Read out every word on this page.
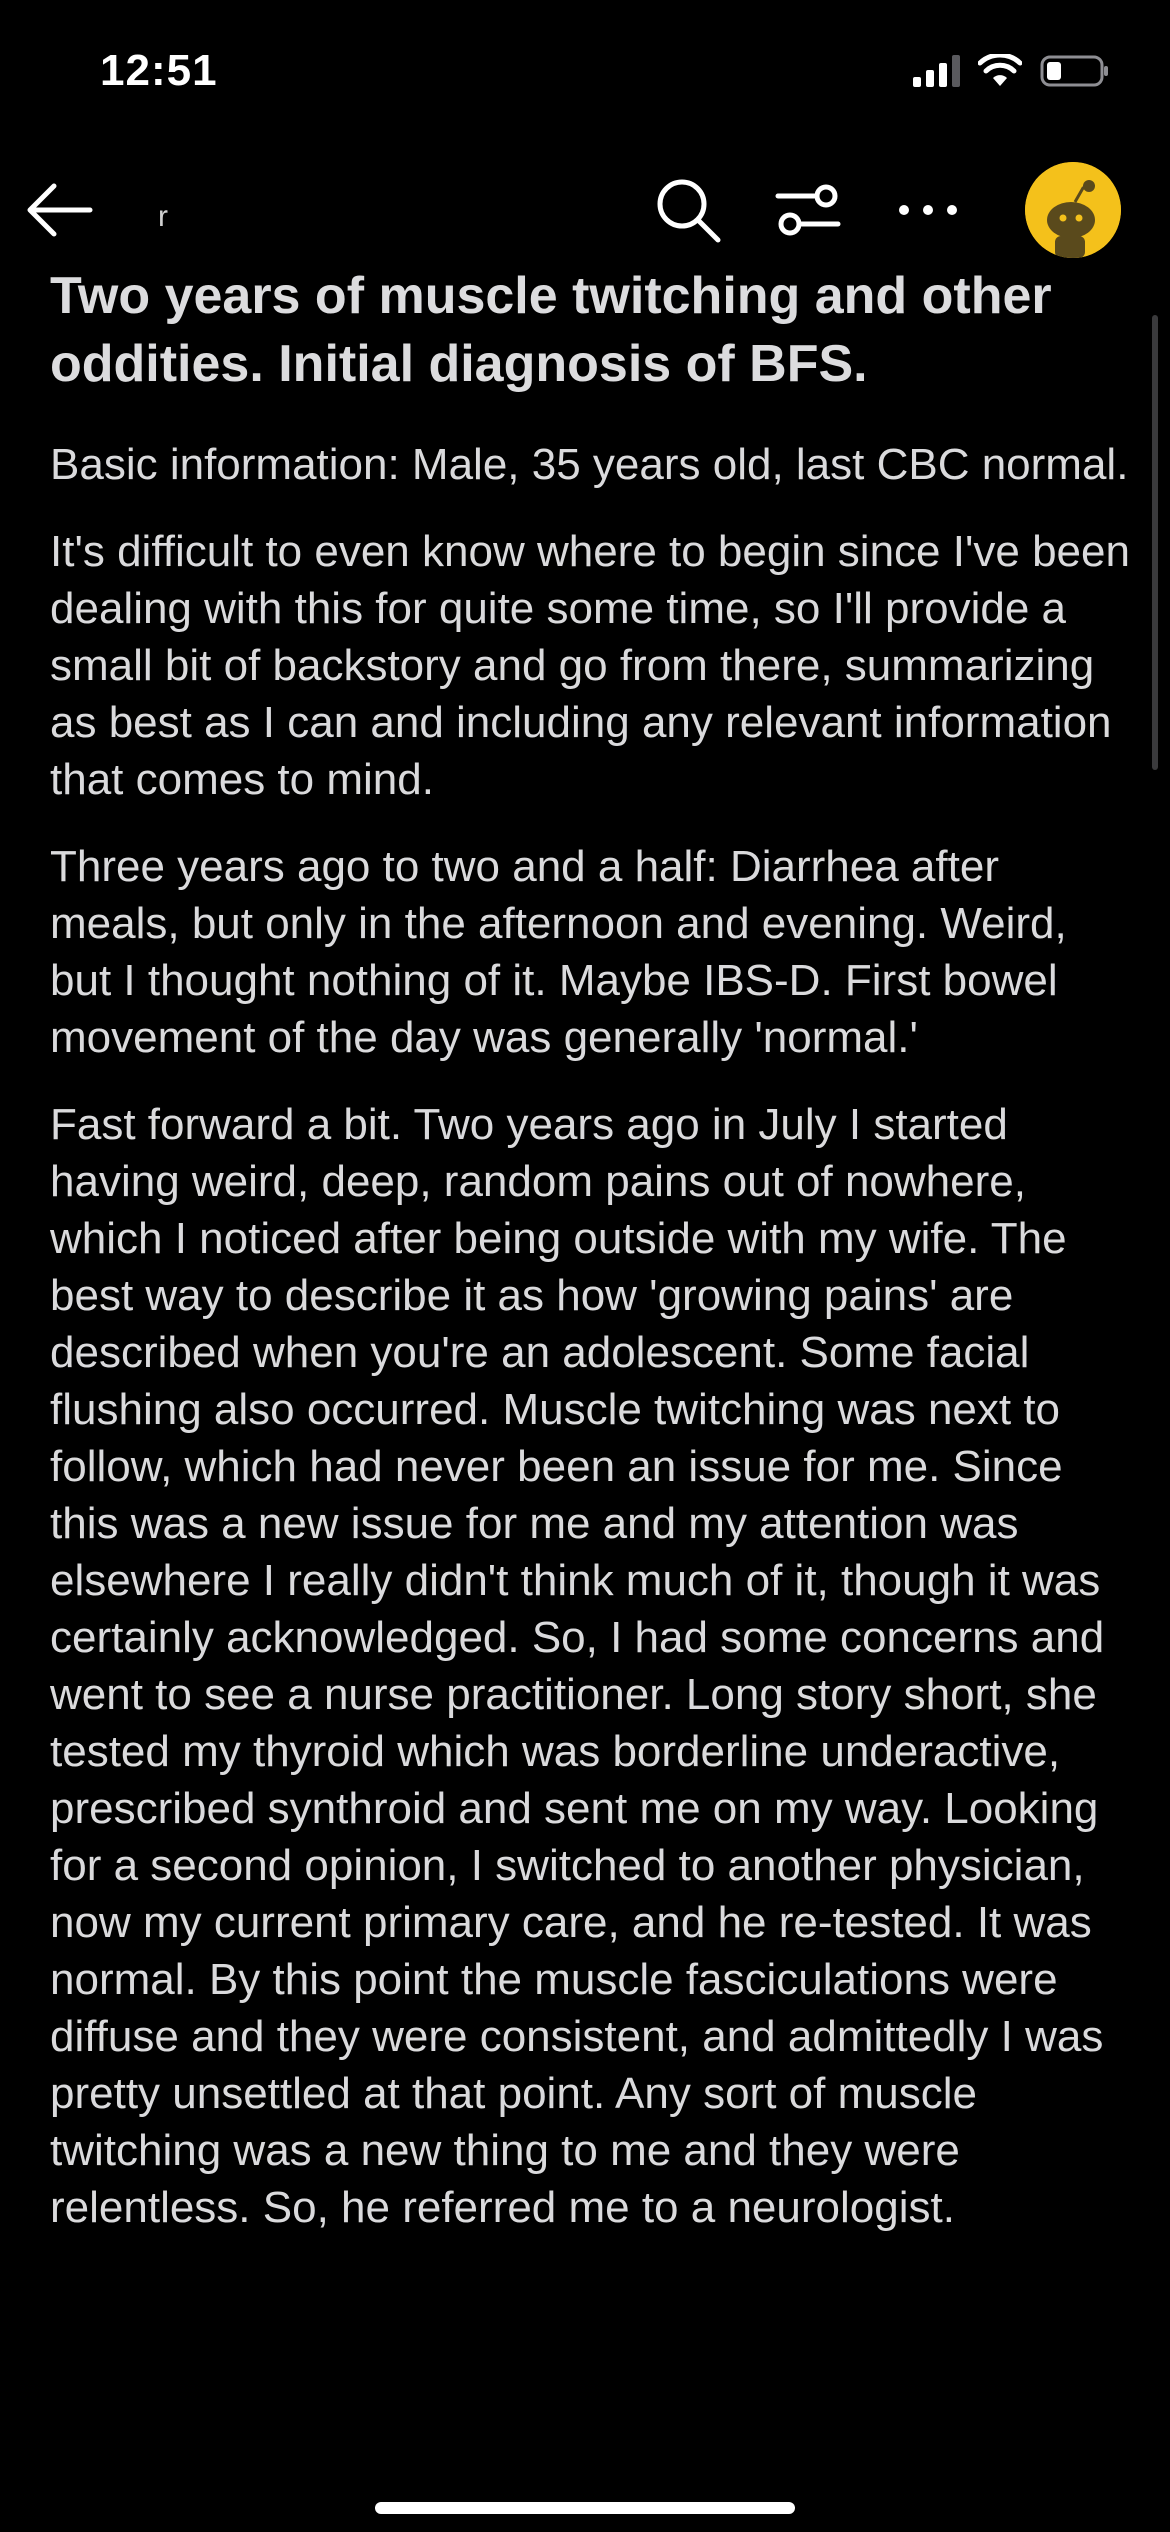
12:51
r
Two years of muscle twitching and other oddities. Initial diagnosis of BFS.

Basic information: Male, 35 years old, last CBC normal.

It's difficult to even know where to begin since I've been dealing with this for quite some time, so I'll provide a small bit of backstory and go from there, summarizing as best as I can and including any relevant information that comes to mind.

Three years ago to two and a half: Diarrhea after meals, but only in the afternoon and evening. Weird, but I thought nothing of it. Maybe IBS-D. First bowel movement of the day was generally 'normal.'

Fast forward a bit. Two years ago in July I started having weird, deep, random pains out of nowhere, which I noticed after being outside with my wife. The best way to describe it as how 'growing pains' are described when you're an adolescent. Some facial flushing also occurred. Muscle twitching was next to follow, which had never been an issue for me. Since this was a new issue for me and my attention was elsewhere I really didn't think much of it, though it was certainly acknowledged. So, I had some concerns and went to see a nurse practitioner. Long story short, she tested my thyroid which was borderline underactive, prescribed synthroid and sent me on my way. Looking for a second opinion, I switched to another physician, now my current primary care, and he re-tested. It was normal. By this point the muscle fasciculations were diffuse and they were consistent, and admittedly I was pretty unsettled at that point. Any sort of muscle twitching was a new thing to me and they were relentless. So, he referred me to a neurologist.
